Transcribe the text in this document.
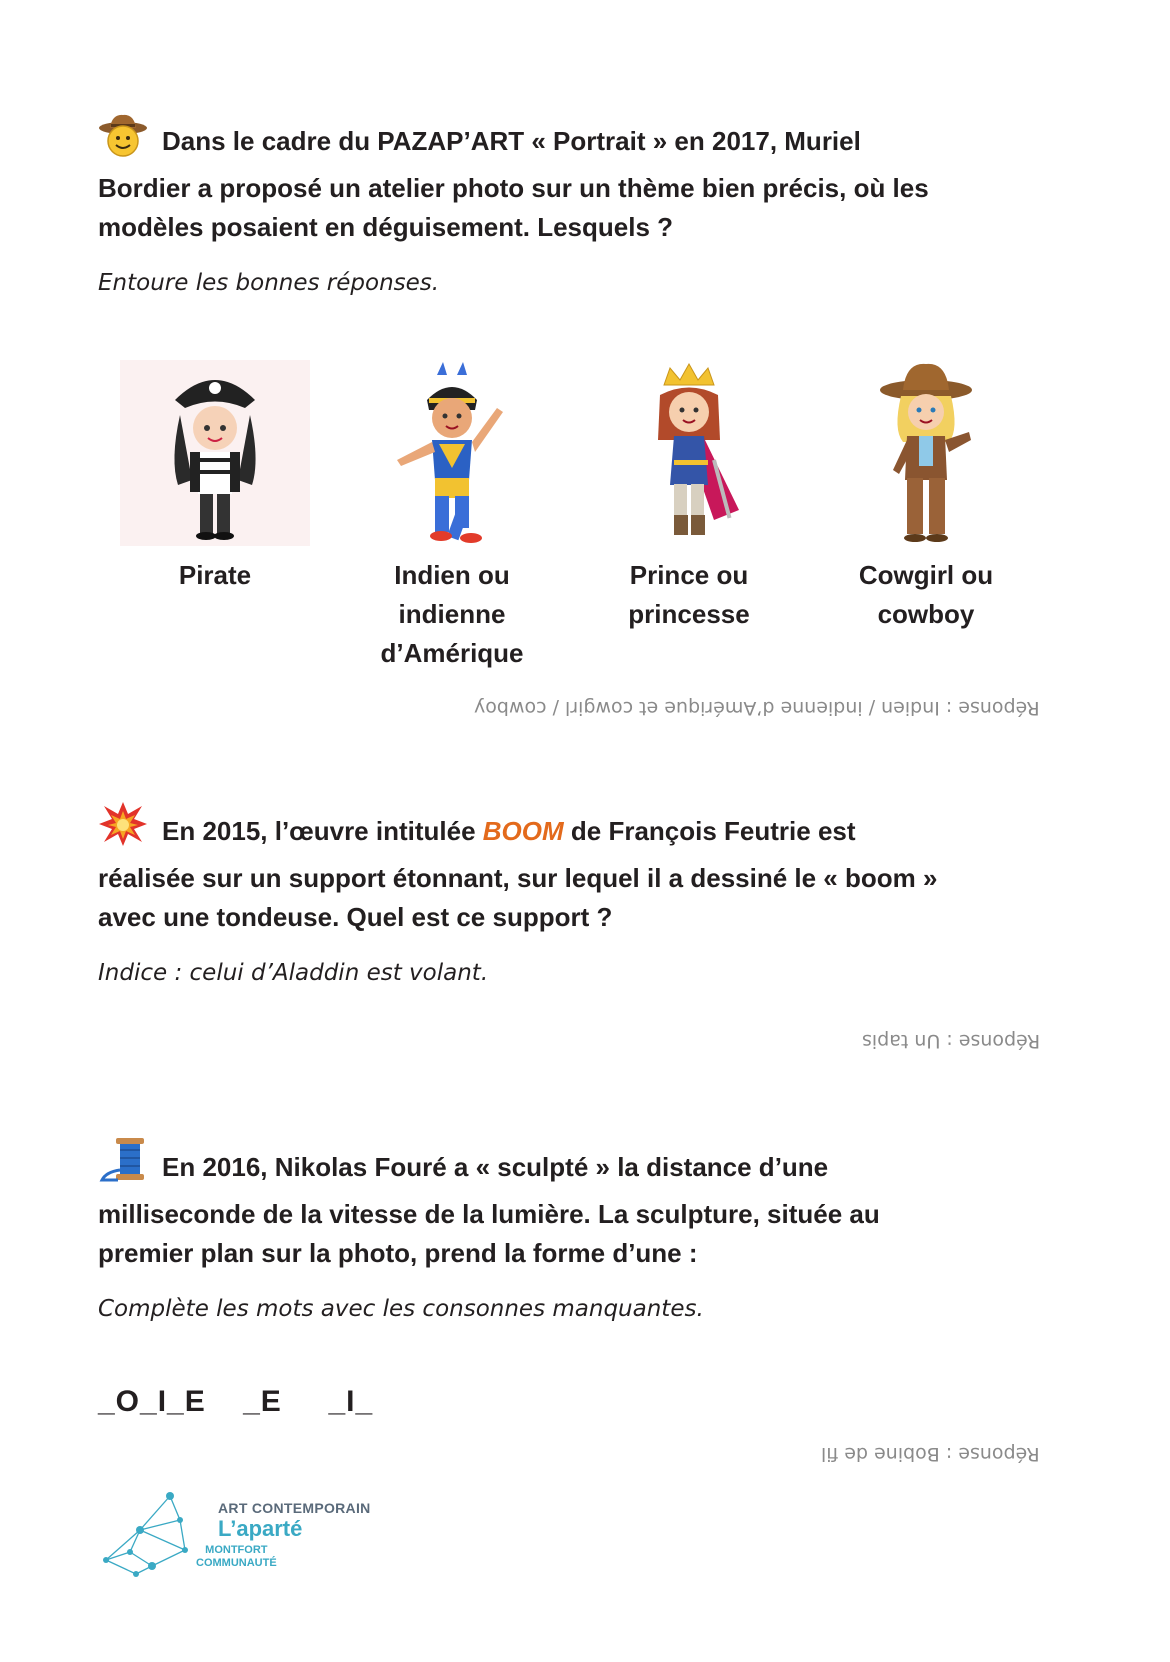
Dans le cadre du PAZAP’ART « Portrait » en 2017, Muriel
Bordier a proposé un atelier photo sur un thème bien précis, où les
modèles posaient en déguisement. Lesquels ?
Entoure les bonnes réponses.
Pirate	Indien ou
indienne
d’Amérique
Prince ou
princesse
Cowgirl ou
cowboy
Réponse : Indien / indienne d’Amérique et cowgirl / cowboy
En 2015, l’œuvre intitulée BOOM de François Feutrie est
réalisée sur un support étonnant, sur lequel il a dessiné le « boom »
avec une tondeuse. Quel est ce support ?
Indice : celui d’Aladdin est volant.
Réponse : Un tapis
En 2016, Nikolas Fouré a « sculpté » la distance d’une
milliseconde de la vitesse de la lumière. La sculpture, située au
premier plan sur la photo, prend la forme d’une :
Complète les mots avec les consonnes manquantes.
_O_I_E    _E     _I_
Réponse : Bobine de fil
ART CONTEMPORAIN
L’aparté
MONTFORT
COMMUNAUTÉ
